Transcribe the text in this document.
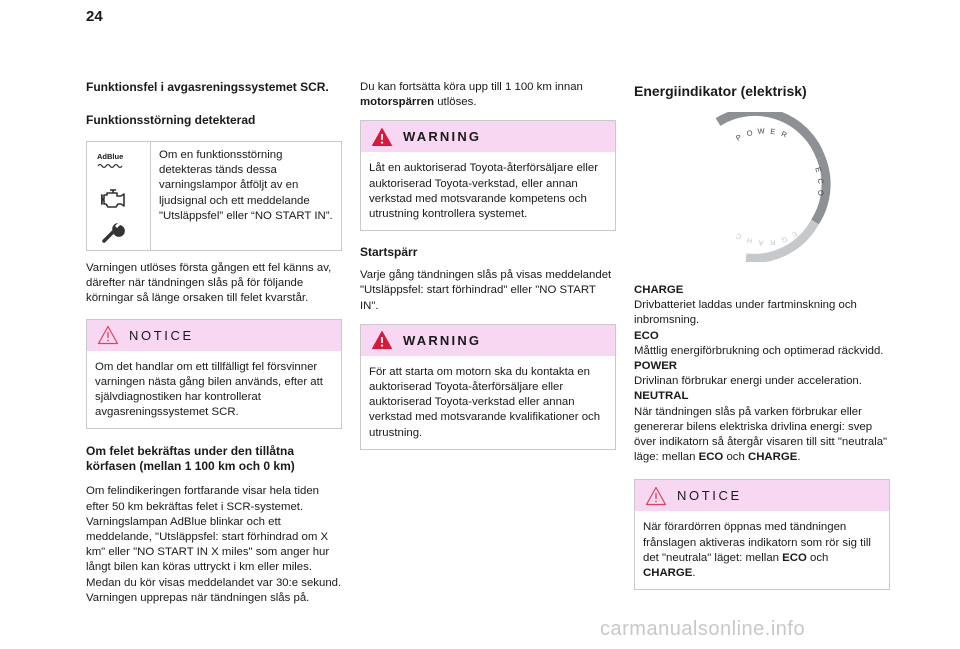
24
Funktionsfel i avgasreningssystemet SCR.
Funktionsstörning detekterad
AdBlue	Om en funktionsstörning detekteras tänds dessa varningslampor åtföljt av en ljudsignal och ett meddelande "Utsläppsfel” eller “NO START IN”.
Varningen utlöses första gången ett fel känns av, därefter när tändningen slås på för följande körningar så länge orsaken till felet kvarstår.
NOTICE
Om det handlar om ett tillfälligt fel försvinner varningen nästa gång bilen används, efter att självdiagnostiken har kontrollerat avgasreningssystemet SCR.
Om felet bekräftas under den tillåtna körfasen (mellan 1 100 km och 0 km)
Om felindikeringen fortfarande visar hela tiden efter 50 km bekräftas felet i SCR-systemet. Varningslampan AdBlue blinkar och ett meddelande, "Utsläppsfel: start förhindrad om X km" eller "NO START IN X miles" som anger hur långt bilen kan köras uttryckt i km eller miles. Medan du kör visas meddelandet var 30:e sekund. Varningen upprepas när tändningen slås på.
Du kan fortsätta köra upp till 1 100 km innan motorspärren utlöses.
WARNING
Låt en auktoriserad Toyota-återförsäljare eller auktoriserad Toyota-verkstad, eller annan verkstad med motsvarande kompetens och utrustning kontrollera systemet.
Startspärr
Varje gång tändningen slås på visas meddelandet "Utsläppsfel: start förhindrad" eller "NO START IN".
WARNING
För att starta om motorn ska du kontakta en auktoriserad Toyota-återförsäljare eller auktoriserad Toyota-verkstad eller annan verkstad med motsvarande kvalifikationer och utrustning.
Energiindikator (elektrisk)
P O W E R
E
C
O
C H A R G E
CHARGE
Drivbatteriet laddas under fartminskning och inbromsning.
ECO
Måttlig energiförbrukning och optimerad räckvidd.
POWER
Drivlinan förbrukar energi under acceleration.
NEUTRAL
När tändningen slås på varken förbrukar eller genererar bilens elektriska drivlina energi: svep över indikatorn så återgår visaren till sitt "neutrala" läge: mellan ECO och CHARGE.
NOTICE
När förardörren öppnas med tändningen frånslagen aktiveras indikatorn som rör sig till det "neutrala" läget: mellan ECO och CHARGE.
carmanualsonline.info
